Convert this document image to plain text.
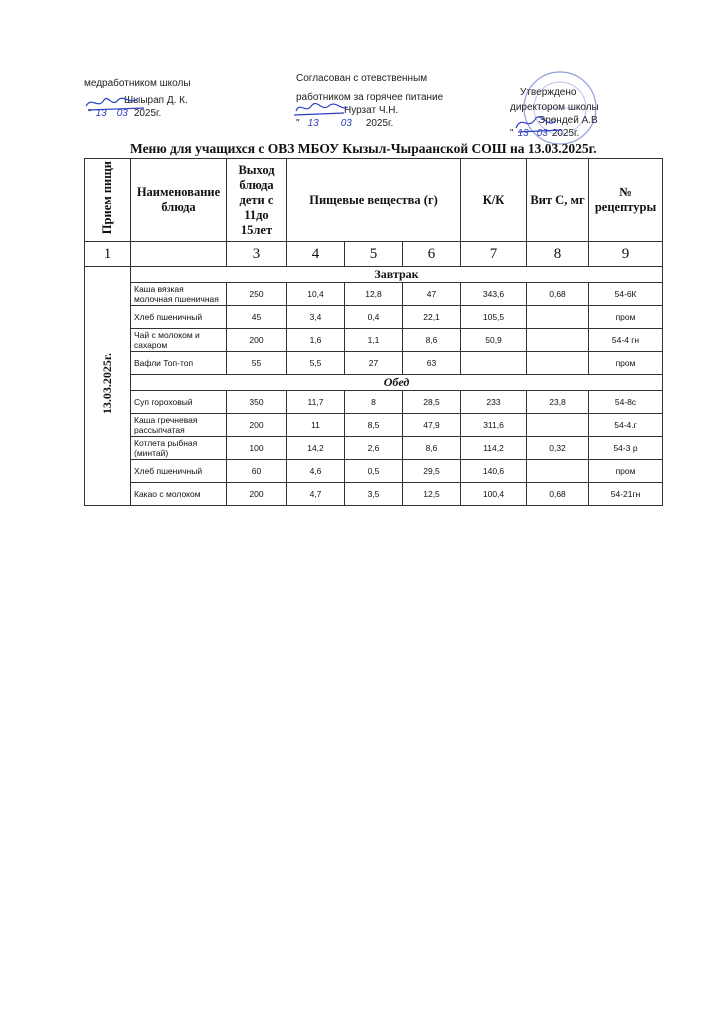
медработником школы
Шыырап Д. К.
" 13 03 2025г.
Согласован с отевственным
работником за горячее питание
Нурзат Ч.Н.
" 13 03 2025г.
Утверждено
директором школы
Эрендей А.В
" 13 03 2025г.
Меню для учащихся с ОВЗ МБОУ Кызыл-Чыраанской СОШ на 13.03.2025г.
Прием пищи	Наименование блюда	Выход блюда дети с 11до 15лет	Пищевые вещества (г)			К/К	Вит С, мг	№ рецептуры
1		3	4	5	6	7	8	9
13.03.2025г.	Завтрак							
	Каша вязкая молочная пшеничная	250	10,4	12,8	47	343,6	0,68	54-6К
	Хлеб пшеничный	45	3,4	0,4	22,1	105,5		пром
	Чай с молоком и сахаром	200	1,6	1,1	8,6	50,9		54-4 гн
	Вафли Топ-топ	55	5,5	27	63			пром
	Обед							
	Суп гороховый	350	11,7	8	28,5	233	23,8	54-8с
	Каша гречневая рассыпчатая	200	11	8,5	47,9	311,6		54-4.г
	Котлета рыбная (минтай)	100	14,2	2,6	8,6	114,2	0,32	54-3 р
	Хлеб пшеничный	60	4,6	0,5	29,5	140,6		пром
	Какао с молоком	200	4,7	3,5	12,5	100,4	0,68	54-21гн
